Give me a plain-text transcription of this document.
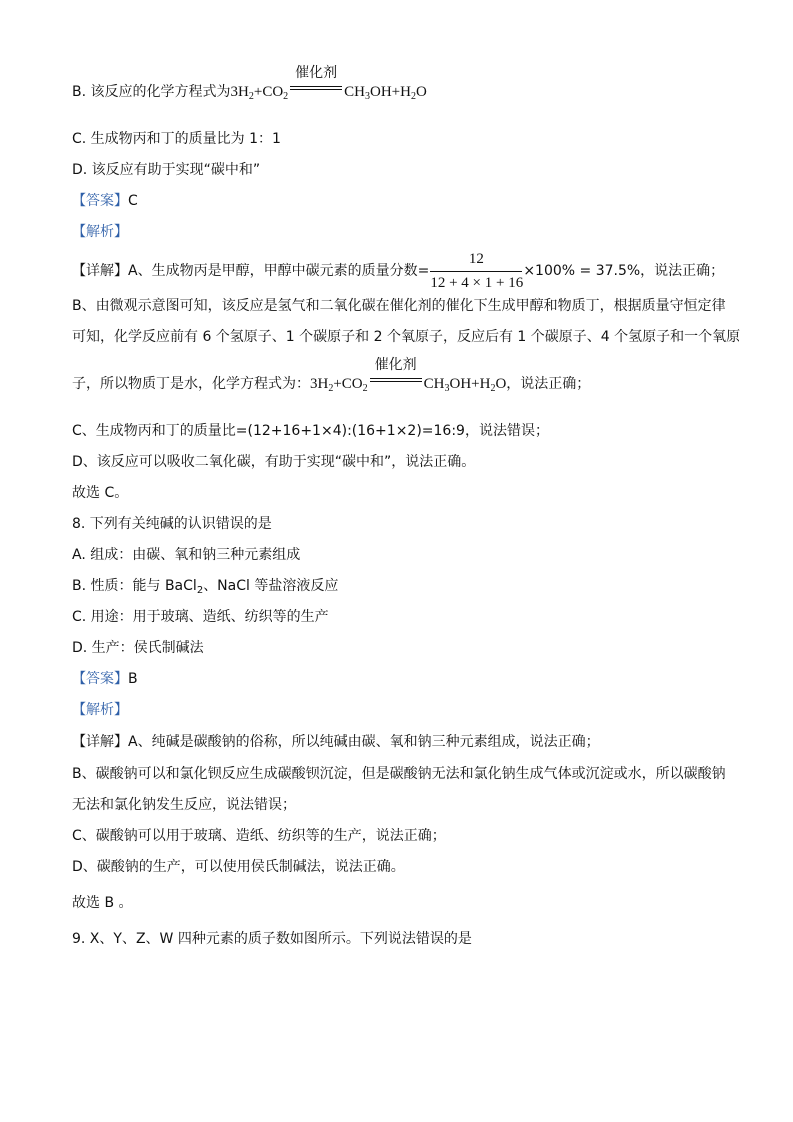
B. 该反应的化学方程式为$3H_2+CO_2$
催化剂
$CH_3OH+H_2O$
C. 生成物丙和丁的质量比为 1：1
D. 该反应有助于实现“碳中和”
【答案】C
【解析】
【详解】A、生成物丙是甲醇，甲醇中碳元素的质量分数= $\frac{12}{12 + 4 \times 1 + 16} \times 100\% = 37.5\%$，说法正确；
B、由微观示意图可知，该反应是氢气和二氧化碳在催化剂的催化下生成甲醇和物质丁，根据质量守恒定律
可知，化学反应前有 6 个氢原子、1 个碳原子和 2 个氧原子，反应后有 1 个碳原子、4 个氢原子和一个氧原
子，所以物质丁是水，化学方程式为：$3H_2+CO_2$
催化剂
$CH_3OH+H_2O$，说法正确；
C、生成物丙和丁的质量比=(12+16+1×4):(16+1×2)=16:9，说法错误；
D、该反应可以吸收二氧化碳，有助于实现“碳中和”，说法正确。
故选 C。
8. 下列有关纯碱的认识错误的是
A. 组成：由碳、氧和钠三种元素组成
B. 性质：能与 BaCl$_2$、NaCl 等盐溶液反应
C. 用途：用于玻璃、造纸、纺织等的生产
D. 生产：侯氏制碱法
【答案】B
【解析】
【详解】A、纯碱是碳酸钠的俗称，所以纯碱由碳、氧和钠三种元素组成，说法正确；
B、碳酸钠可以和氯化钡反应生成碳酸钡沉淀，但是碳酸钠无法和氯化钠生成气体或沉淀或水，所以碳酸钠
无法和氯化钠发生反应，说法错误；
C、碳酸钠可以用于玻璃、造纸、纺织等的生产，说法正确；
D、碳酸钠的生产，可以使用侯氏制碱法，说法正确。
故选 B 。
9. X、Y、Z、W 四种元素的质子数如图所示。下列说法错误的是
